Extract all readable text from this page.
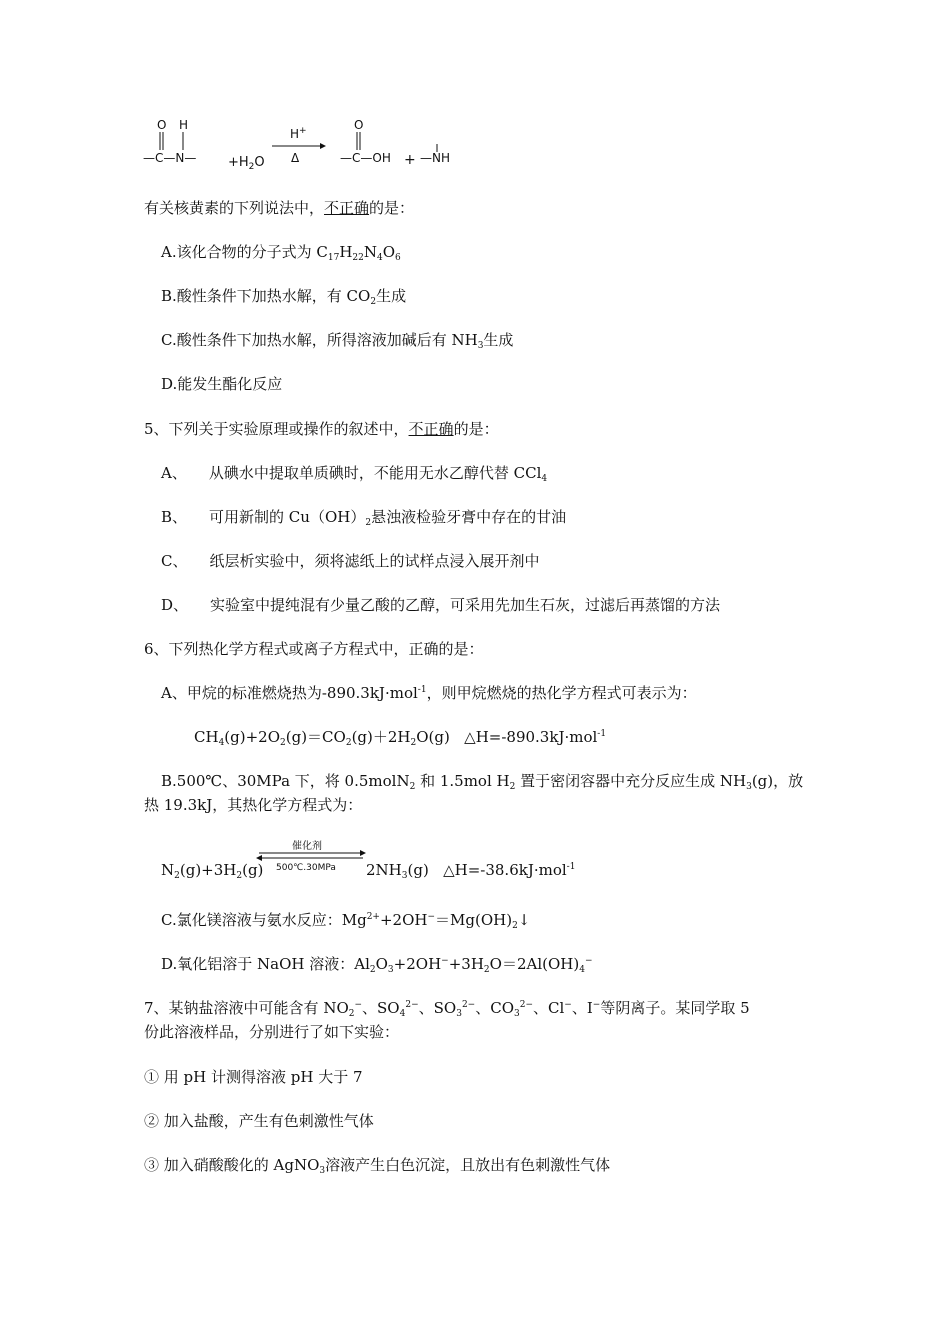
O H
—C—N— $+H_2O$
H+
Δ
O
—C—OH + —NH
有关核黄素的下列说法中，不正确的是：
A.该化合物的分子式为 $C_{17}H_{22}N_4O_6$
B.酸性条件下加热水解，有 $CO_2$生成
C.酸性条件下加热水解，所得溶液加碱后有 $NH_3$生成
D.能发生酯化反应
5、下列关于实验原理或操作的叙述中，不正确的是：
A、 从碘水中提取单质碘时，不能用无水乙醇代替 CCl$_4$
B、 可用新制的 $Cu(OH)_2$悬浊液检验牙膏中存在的甘油
C、 纸层析实验中，须将滤纸上的试样点浸入展开剂中
D、 实验室中提纯混有少量乙酸的乙醇，可采用先加生石灰，过滤后再蒸馏的方法
6、下列热化学方程式或离子方程式中，正确的是：
A、甲烷的标准燃烧热为-890.3kJ·mol$^{-1}$，则甲烷燃烧的热化学方程式可表示为：
$CH_4(g)+2O_2(g)=CO_2(g)+2H_2O(g)$   △H=-890.3kJ·mol$^{-1}$
B.500℃、30MPa 下，将 0.5molN$_2$ 和 1.5mol $H_2$ 置于密闭容器中充分反应生成 $NH_3(g)$，放
热 19.3kJ，其热化学方程式为：
$N_2(g)+3H_2(g)$
催化剂
500℃.30MPa $2NH_3(g)$   △H=-38.6kJ·mol$^{-1}$
C.氯化镁溶液与氨水反应：$Mg^{2+}+2OH^-=Mg(OH)_2↓$
D.氧化铝溶于 NaOH 溶液：$Al_2O_3+2OH^-+3H_2O=2Al(OH)_4^-$
7、某钠盐溶液中可能含有 $NO_2^-$、$SO_4^{2-}$、$SO_3^{2-}$、$CO_3^{2-}$、Cl−、I−等阴离子。某同学取 5
份此溶液样品，分别进行了如下实验：
① 用 pH 计测得溶液 pH 大于 7
② 加入盐酸，产生有色刺激性气体
③ 加入硝酸酸化的 AgNO$_3$溶液产生白色沉淀，且放出有色刺激性气体
